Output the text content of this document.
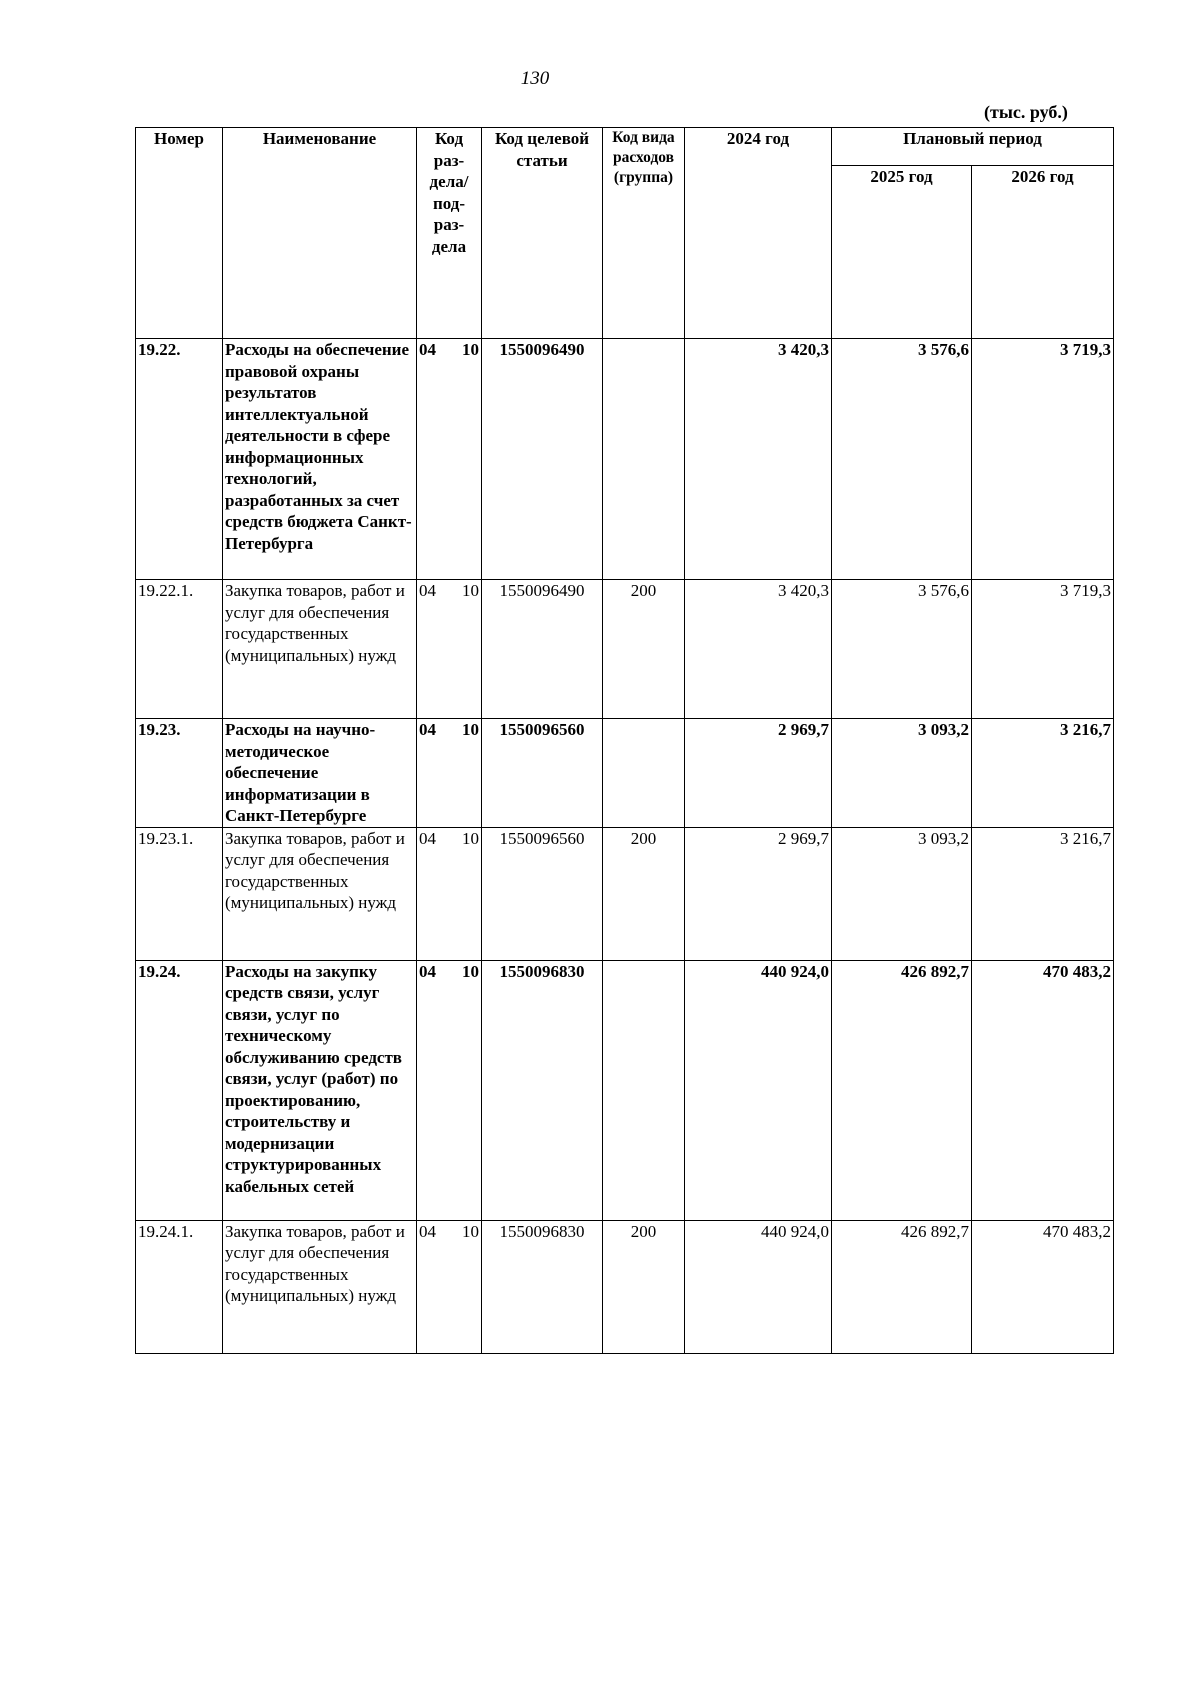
130
(тыс. руб.)
Номер	Наименование	Код раз-дела/ под-раз-дела	Код целевой статьи	Код вида расходов (группа)	2024 год	Плановый период	
						2025 год	2026 год
19.22.	Расходы на обеспечение правовой охраны результатов интеллектуальной деятельности в сфере информационных технологий, разработанных за счет средств бюджета Санкт-Петербурга	04 10	1550096490		3 420,3	3 576,6	3 719,3
19.22.1.	Закупка товаров, работ и услуг для обеспечения государственных (муниципальных) нужд	04 10	1550096490	200	3 420,3	3 576,6	3 719,3
19.23.	Расходы на научно-методическое обеспечение информатизации в Санкт-Петербурге	04 10	1550096560		2 969,7	3 093,2	3 216,7
19.23.1.	Закупка товаров, работ и услуг для обеспечения государственных (муниципальных) нужд	04 10	1550096560	200	2 969,7	3 093,2	3 216,7
19.24.	Расходы на закупку средств связи, услуг связи, услуг по техническому обслуживанию средств связи, услуг (работ) по проектированию, строительству и модернизации структурированных кабельных сетей	04 10	1550096830		440 924,0	426 892,7	470 483,2
19.24.1.	Закупка товаров, работ и услуг для обеспечения государственных (муниципальных) нужд	04 10	1550096830	200	440 924,0	426 892,7	470 483,2
